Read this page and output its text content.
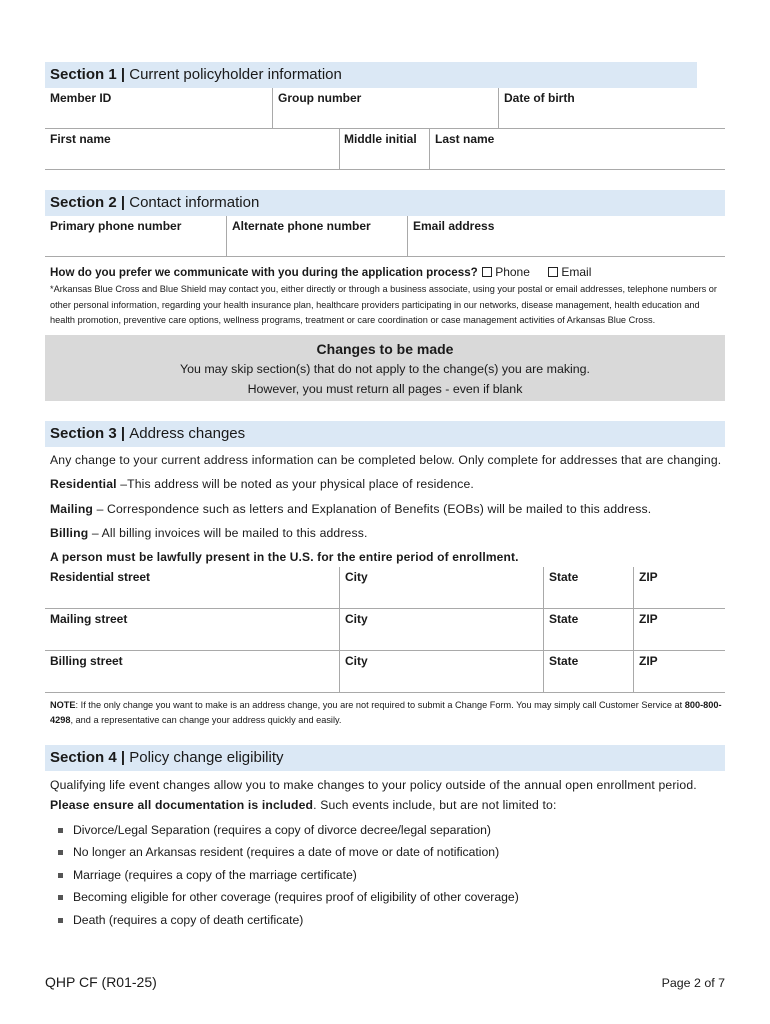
Section 1 | Current policyholder information
Member ID	Group number	Date of birth
First name	Middle initial	Last name
Section 2 | Contact information
Primary phone number	Alternate phone number	Email address
How do you prefer we communicate with you during the application process? Phone	Email
*Arkansas Blue Cross and Blue Shield may contact you, either directly or through a business associate, using your postal or email addresses, telephone numbers or other personal information, regarding your health insurance plan, healthcare providers participating in our networks, disease management, health education and health promotion, preventive care options, wellness programs, treatment or care coordination or case management activities of Arkansas Blue Cross.
Changes to be made
You may skip section(s) that do not apply to the change(s) you are making.
However, you must return all pages - even if blank
Section 3 | Address changes
Any change to your current address information can be completed below. Only complete for addresses that are changing.
Residential –This address will be noted as your physical place of residence.
Mailing – Correspondence such as letters and Explanation of Benefits (EOBs) will be mailed to this address.
Billing – All billing invoices will be mailed to this address.
A person must be lawfully present in the U.S. for the entire period of enrollment.
Residential street	City	State	ZIP
Mailing street	City	State	ZIP
Billing street	City	State	ZIP
NOTE: If the only change you want to make is an address change, you are not required to submit a Change Form. You may simply call Customer Service at 800-800-4298, and a representative can change your address quickly and easily.
Section 4 | Policy change eligibility
Qualifying life event changes allow you to make changes to your policy outside of the annual open enrollment period. Please ensure all documentation is included. Such events include, but are not limited to:
Divorce/Legal Separation (requires a copy of divorce decree/legal separation)
No longer an Arkansas resident (requires a date of move or date of notification)
Marriage (requires a copy of the marriage certificate)
Becoming eligible for other coverage (requires proof of eligibility of other coverage)
Death (requires a copy of death certificate)
QHP CF (R01-25)	Page 2 of 7
